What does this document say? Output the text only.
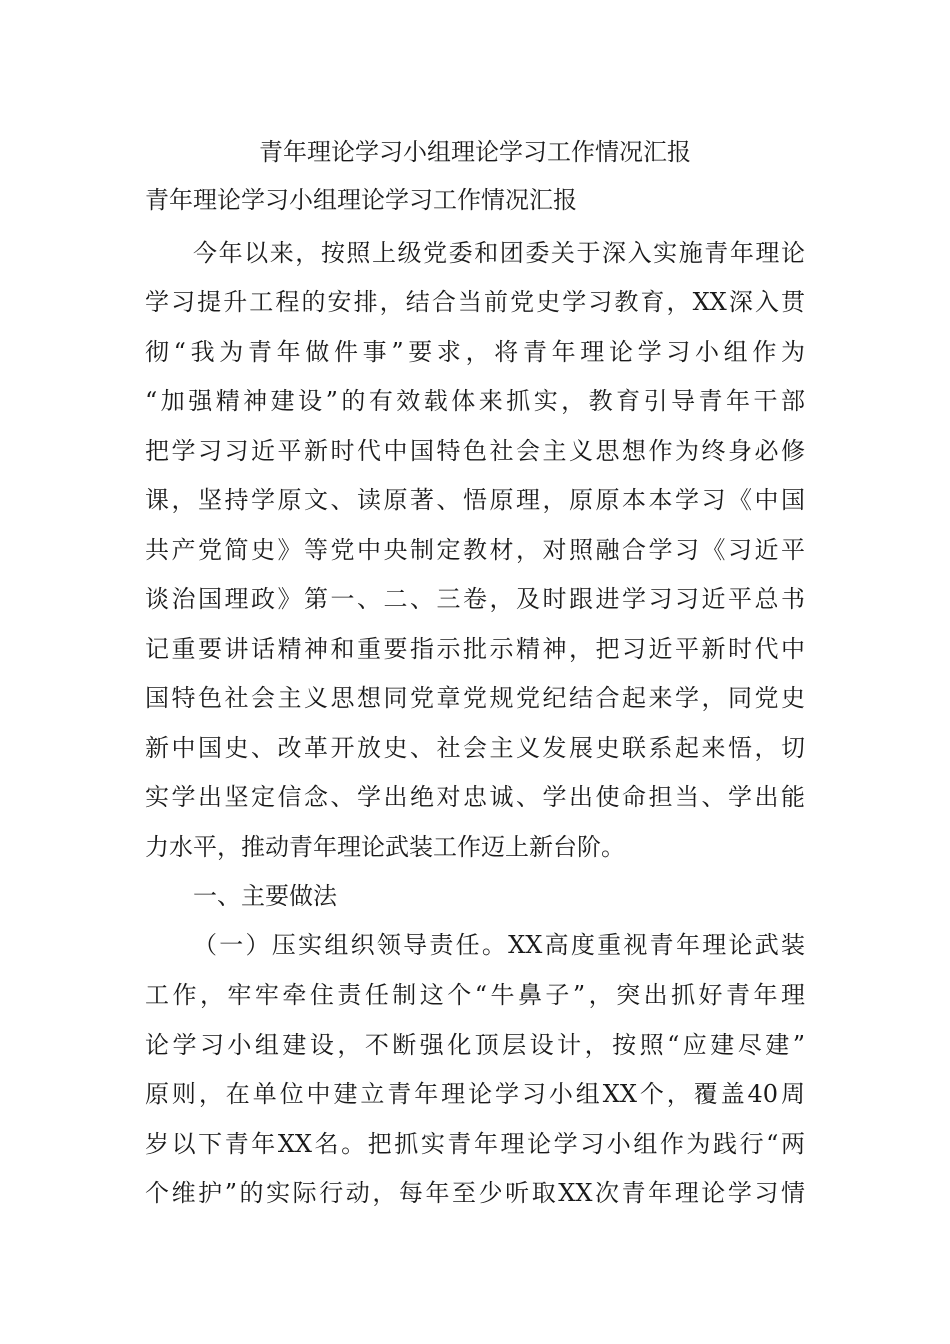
青年理论学习小组理论学习工作情况汇报
青年理论学习小组理论学习工作情况汇报
今年以来，按照上级党委和团委关于深入实施青年理论
学习提升工程的安排，结合当前党史学习教育，XX深入贯
彻“我为青年做件事”要求，将青年理论学习小组作为
“加强精神建设”的有效载体来抓实，教育引导青年干部
把学习习近平新时代中国特色社会主义思想作为终身必修
课，坚持学原文、读原著、悟原理，原原本本学习《中国
共产党简史》等党中央制定教材，对照融合学习《习近平
谈治国理政》第一、二、三卷，及时跟进学习习近平总书
记重要讲话精神和重要指示批示精神，把习近平新时代中
国特色社会主义思想同党章党规党纪结合起来学，同党史
新中国史、改革开放史、社会主义发展史联系起来悟，切
实学出坚定信念、学出绝对忠诚、学出使命担当、学出能
力水平，推动青年理论武装工作迈上新台阶。
一、主要做法
（一）压实组织领导责任。XX高度重视青年理论武装
工作，牢牢牵住责任制这个“牛鼻子”，突出抓好青年理
论学习小组建设，不断强化顶层设计，按照“应建尽建”
原则，在单位中建立青年理论学习小组XX个，覆盖40周
岁以下青年XX名。把抓实青年理论学习小组作为践行“两
个维护”的实际行动，每年至少听取XX次青年理论学习情
